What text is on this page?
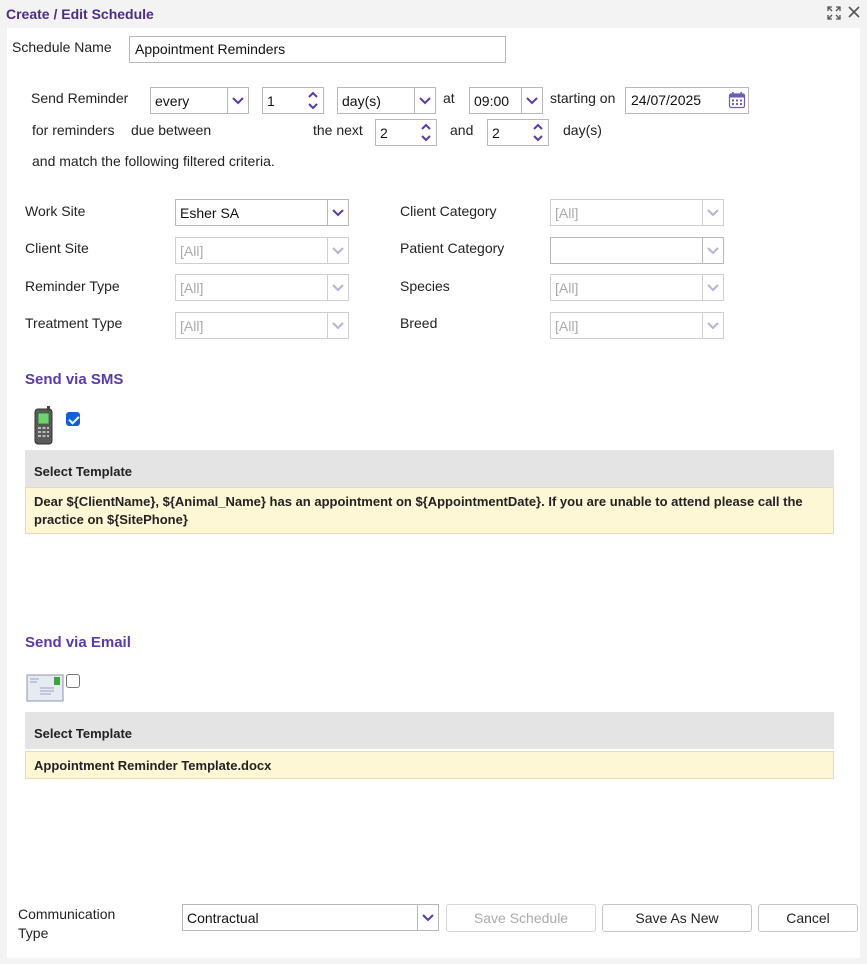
Create / Edit Schedule
Schedule Name	Appointment Reminders
Send Reminder every	1	day(s)	at 09:00	starting on	24/07/2025
for reminders due between	the next 2	and 2	day(s)
and match the following filtered criteria.
Work Site	Esher SA
Client Site	[All]
Reminder Type	[All]
Treatment Type	[All]
Client Category	[All]
Patient Category
Species	[All]
Breed	[All]
Send via SMS
Select Template
Dear ${ClientName}, ${Animal_Name} has an appointment on ${AppointmentDate}. If you are unable to attend please call the practice on ${SitePhone}
Send via Email
Select Template
Appointment Reminder Template.docx
Communication Type
Contractual	Save Schedule	Save As New	Cancel
